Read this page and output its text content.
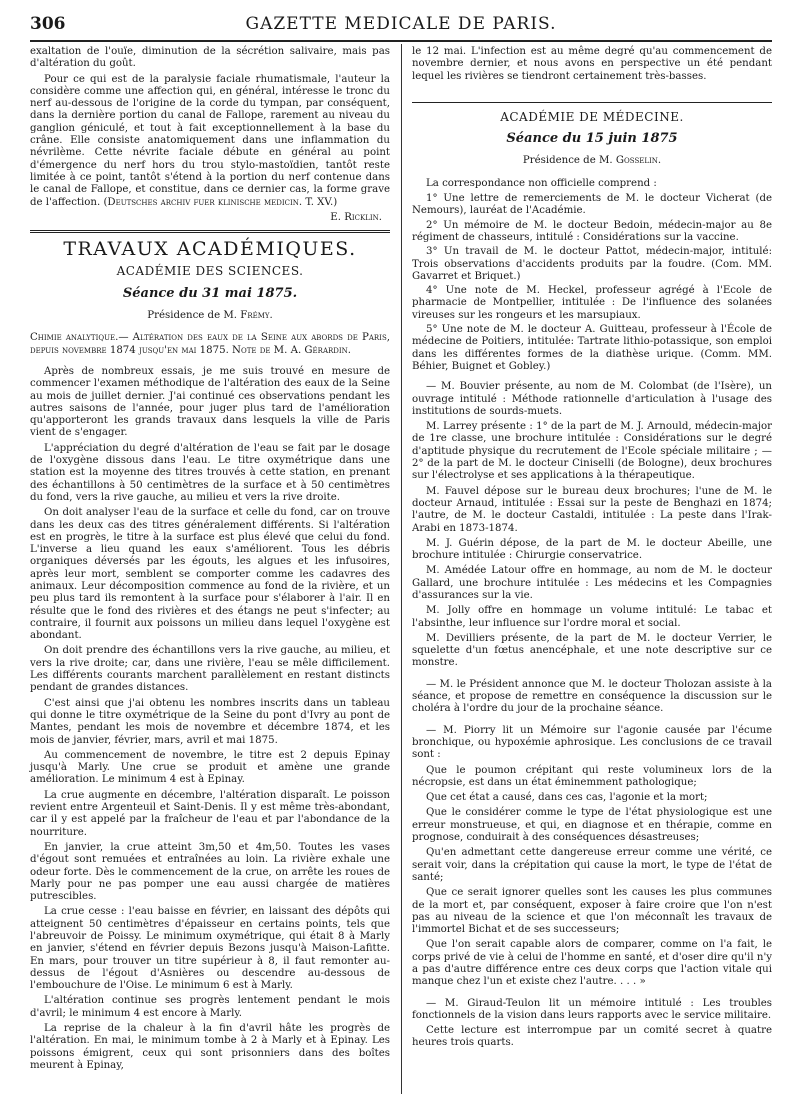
306	GAZETTE MEDICALE DE PARIS.

exaltation de l'ouïe, diminution de la sécrétion salivaire, mais pas d'altération du goût.

Pour ce qui est de la paralysie faciale rhumatismale, l'auteur la considère comme une affection qui, en général, intéresse le tronc du nerf au-dessous de l'origine de la corde du tympan, par conséquent, dans la dernière portion du canal de Fallope, rarement au niveau du ganglion géniculé, et tout à fait exceptionnellement à la base du crâne. Elle consiste anatomiquement dans une inflammation du névrilème. Cette névrite faciale débute en général au point d'émergence du nerf hors du trou stylo-mastoïdien, tantôt reste limitée à ce point, tantôt s'étend à la portion du nerf contenue dans le canal de Fallope, et constitue, dans ce dernier cas, la forme grave de l'affection. (Deutsches archiv fuer klinische medicin. T. XV.)

E. Ricklin.

TRAVAUX ACADÉMIQUES.

ACADÉMIE DES SCIENCES.

Séance du 31 mai 1875.

Présidence de M. Frémy.

Chimie analytique.— Altération des eaux de la Seine aux abords de Paris, depuis novembre 1874 jusqu'en mai 1875. Note de M. A. Gérardin.

Après de nombreux essais, je me suis trouvé en mesure de commencer l'examen méthodique de l'altération des eaux de la Seine au mois de juillet dernier. J'ai continué ces observations pendant les autres saisons de l'année, pour juger plus tard de l'amélioration qu'apporteront les grands travaux dans lesquels la ville de Paris vient de s'engager.

L'appréciation du degré d'altération de l'eau se fait par le dosage de l'oxygène dissous dans l'eau. Le titre oxymétrique dans une station est la moyenne des titres trouvés à cette station, en prenant des échantillons à 50 centimètres de la surface et à 50 centimètres du fond, vers la rive gauche, au milieu et vers la rive droite.

On doit analyser l'eau de la surface et celle du fond, car on trouve dans les deux cas des titres généralement différents. Si l'altération est en progrès, le titre à la surface est plus élevé que celui du fond. L'inverse a lieu quand les eaux s'améliorent. Tous les débris organiques déversés par les égouts, les algues et les infusoires, après leur mort, semblent se comporter comme les cadavres des animaux. Leur décomposition commence au fond de la rivière, et un peu plus tard ils remontent à la surface pour s'élaborer à l'air. Il en résulte que le fond des rivières et des étangs ne peut s'infecter; au contraire, il fournit aux poissons un milieu dans lequel l'oxygène est abondant.

On doit prendre des échantillons vers la rive gauche, au milieu, et vers la rive droite; car, dans une rivière, l'eau se mêle difficilement. Les différents courants marchent parallèlement en restant distincts pendant de grandes distances.

C'est ainsi que j'ai obtenu les nombres inscrits dans un tableau qui donne le titre oxymétrique de la Seine du pont d'Ivry au pont de Mantes, pendant les mois de novembre et décembre 1874, et les mois de janvier, février, mars, avril et mai 1875.

Au commencement de novembre, le titre est 2 depuis Epinay jusqu'à Marly. Une crue se produit et amène une grande amélioration. Le minimum 4 est à Epinay.

La crue augmente en décembre, l'altération disparaît. Le poisson revient entre Argenteuil et Saint-Denis. Il y est même très-abondant, car il y est appelé par la fraîcheur de l'eau et par l'abondance de la nourriture.

En janvier, la crue atteint 3m,50 et 4m,50. Toutes les vases d'égout sont remuées et entraînées au loin. La rivière exhale une odeur forte. Dès le commencement de la crue, on arrête les roues de Marly pour ne pas pomper une eau aussi chargée de matières putrescibles.

La crue cesse : l'eau baisse en février, en laissant des dépôts qui atteignent 50 centimètres d'épaisseur en certains points, tels que l'abreuvoir de Poissy. Le minimum oxymétrique, qui était 8 à Marly en janvier, s'étend en février depuis Bezons jusqu'à Maison-Lafitte. En mars, pour trouver un titre supérieur à 8, il faut remonter au-dessus de l'égout d'Asnières ou descendre au-dessous de l'embouchure de l'Oise. Le minimum 6 est à Marly.

L'altération continue ses progrès lentement pendant le mois d'avril; le minimum 4 est encore à Marly.

La reprise de la chaleur à la fin d'avril hâte les progrès de l'altération. En mai, le minimum tombe à 2 à Marly et à Epinay. Les poissons émigrent, ceux qui sont prisonniers dans des boîtes meurent à Epinay,

le 12 mai. L'infection est au même degré qu'au commencement de novembre dernier, et nous avons en perspective un été pendant lequel les rivières se tiendront certainement très-basses.

ACADÉMIE DE MÉDECINE.

Séance du 15 juin 1875

Présidence de M. Gosselin.

La correspondance non officielle comprend :

1° Une lettre de remerciements de M. le docteur Vicherat (de Nemours), lauréat de l'Académie.

2° Un mémoire de M. le docteur Bedoin, médecin-major au 8e régiment de chasseurs, intitulé : Considérations sur la vaccine.

3° Un travail de M. le docteur Pattot, médecin-major, intitulé: Trois observations d'accidents produits par la foudre. (Com. MM. Gavarret et Briquet.)

4° Une note de M. Heckel, professeur agrégé à l'Ecole de pharmacie de Montpellier, intitulée : De l'influence des solanées vireuses sur les rongeurs et les marsupiaux.

5° Une note de M. le docteur A. Guitteau, professeur à l'École de médecine de Poitiers, intitulée: Tartrate lithio-potassique, son emploi dans les différentes formes de la diathèse urique. (Comm. MM. Béhier, Buignet et Gobley.)

— M. Bouvier présente, au nom de M. Colombat (de l'Isère), un ouvrage intitulé : Méthode rationnelle d'articulation à l'usage des institutions de sourds-muets.

M. Larrey présente : 1° de la part de M. J. Arnould, médecin-major de 1re classe, une brochure intitulée : Considérations sur le degré d'aptitude physique du recrutement de l'Ecole spéciale militaire ; — 2° de la part de M. le docteur Ciniselli (de Bologne), deux brochures sur l'électrolyse et ses applications à la thérapeutique.

M. Fauvel dépose sur le bureau deux brochures; l'une de M. le docteur Arnaud, intitulée : Essai sur la peste de Benghazi en 1874; l'autre, de M. le docteur Castaldi, intitulée : La peste dans l'Irak-Arabi en 1873-1874.

M. J. Guérin dépose, de la part de M. le docteur Abeille, une brochure intitulée : Chirurgie conservatrice.

M. Amédée Latour offre en hommage, au nom de M. le docteur Gallard, une brochure intitulée : Les médecins et les Compagnies d'assurances sur la vie.

M. Jolly offre en hommage un volume intitulé: Le tabac et l'absinthe, leur influence sur l'ordre moral et social.

M. Devilliers présente, de la part de M. le docteur Verrier, le squelette d'un fœtus anencéphale, et une note descriptive sur ce monstre.

— M. le Président annonce que M. le docteur Tholozan assiste à la séance, et propose de remettre en conséquence la discussion sur le choléra à l'ordre du jour de la prochaine séance.

— M. Piorry lit un Mémoire sur l'agonie causée par l'écume bronchique, ou hypoxémie aphrosique. Les conclusions de ce travail sont :

Que le poumon crépitant qui reste volumineux lors de la nécropsie, est dans un état éminemment pathologique;

Que cet état a causé, dans ces cas, l'agonie et la mort;

Que le considérer comme le type de l'état physiologique est une erreur monstrueuse, et qui, en diagnose et en thérapie, comme en prognose, conduirait à des conséquences désastreuses;

Qu'en admettant cette dangereuse erreur comme une vérité, ce serait voir, dans la crépitation qui cause la mort, le type de l'état de santé;

Que ce serait ignorer quelles sont les causes les plus communes de la mort et, par conséquent, exposer à faire croire que l'on n'est pas au niveau de la science et que l'on méconnaît les travaux de l'immortel Bichat et de ses successeurs;

Que l'on serait capable alors de comparer, comme on l'a fait, le corps privé de vie à celui de l'homme en santé, et d'oser dire qu'il n'y a pas d'autre différence entre ces deux corps que l'action vitale qui manque chez l'un et existe chez l'autre. . . . »

— M. Giraud-Teulon lit un mémoire intitulé : Les troubles fonctionnels de la vision dans leurs rapports avec le service militaire.

Cette lecture est interrompue par un comité secret à quatre heures trois quarts.
